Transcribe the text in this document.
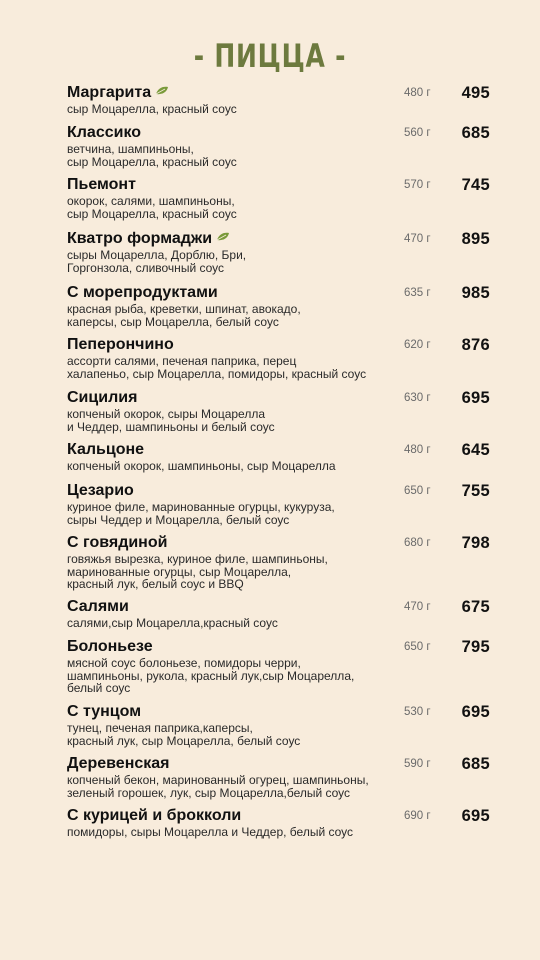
- ПИЦЦА -
Маргарита
сыр Моцарелла, красный соус
480 г 495
Классико
ветчина, шампиньоны,
сыр Моцарелла, красный соус
560 г 685
Пьемонт
окорок, салями, шампиньоны,
сыр Моцарелла, красный соус
570 г 745
Кватро формаджи
сыры Моцарелла, Дорблю, Бри,
Горгонзола, сливочный соус
470 г 895
С морепродуктами
красная рыба, креветки, шпинат, авокадо,
каперсы, сыр Моцарелла, белый соус
635 г 985
Пеперончино
ассорти салями, печеная паприка, перец
халапеньо, сыр Моцарелла, помидоры, красный соус
620 г 876
Сицилия
копченый окорок, сыры Моцарелла
и Чеддер, шампиньоны и белый соус
630 г 695
Кальцоне
копченый окорок, шампиньоны, сыр Моцарелла
480 г 645
Цезарио
куриное филе, маринованные огурцы, кукуруза,
сыры Чеддер и Моцарелла, белый соус
650 г 755
С говядиной
говяжья вырезка, куриное филе, шампиньоны,
маринованные огурцы, сыр Моцарелла,
красный лук, белый соус и BBQ
680 г 798
Салями
салями,сыр Моцарелла,красный соус
470 г 675
Болоньезе
мясной соус болоньезе, помидоры черри,
шампиньоны, рукола, красный лук,сыр Моцарелла,
белый соус
650 г 795
С тунцом
тунец, печеная паприка,каперсы,
красный лук, сыр Моцарелла, белый соус
530 г 695
Деревенская
копченый бекон, маринованный огурец, шампиньоны,
зеленый горошек, лук, сыр Моцарелла,белый соус
590 г 685
С курицей и брокколи
помидоры, сыры Моцарелла и Чеддер, белый соус
690 г 695
